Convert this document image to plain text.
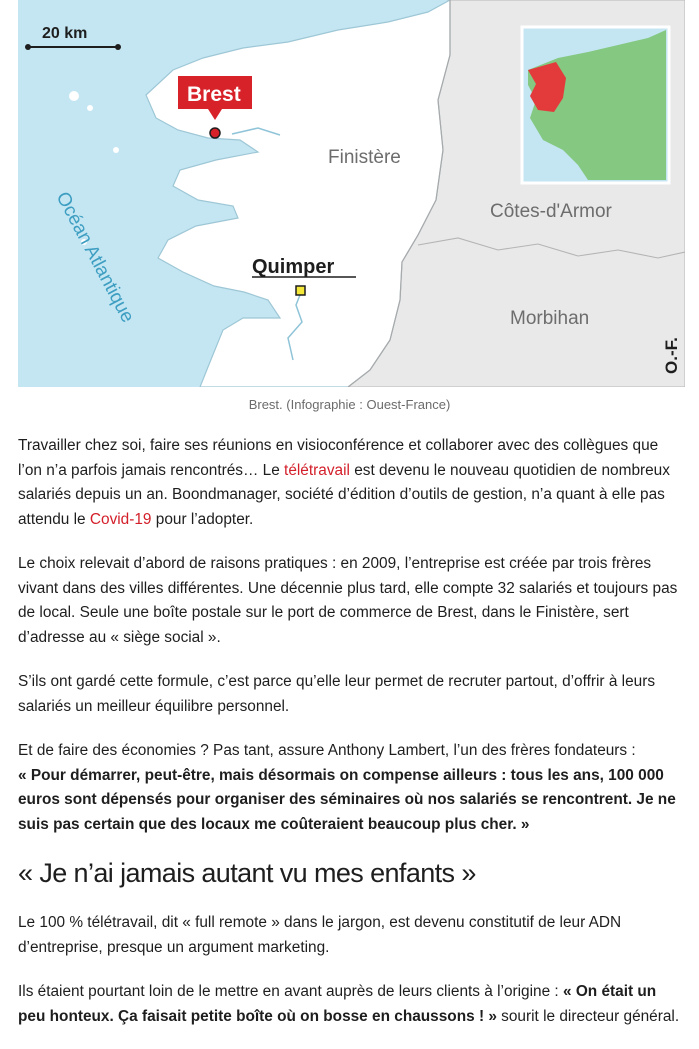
20 km
Brest
Finistère
Quimper
Côtes-d'Armor
Morbihan
Océan Atlantique
O.-F.
Brest. (Infographie : Ouest-France)

Travailler chez soi, faire ses réunions en visioconférence et collaborer avec des collègues que l’on n’a parfois jamais rencontrés… Le télétravail est devenu le nouveau quotidien de nombreux salariés depuis un an. Boondmanager, société d’édition d’outils de gestion, n’a quant à elle pas attendu le Covid-19 pour l’adopter.

Le choix relevait d’abord de raisons pratiques : en 2009, l’entreprise est créée par trois frères vivant dans des villes différentes. Une décennie plus tard, elle compte 32 salariés et toujours pas de local. Seule une boîte postale sur le port de commerce de Brest, dans le Finistère, sert d’adresse au « siège social ».

S’ils ont gardé cette formule, c’est parce qu’elle leur permet de recruter partout, d’offrir à leurs salariés un meilleur équilibre personnel.

Et de faire des économies ? Pas tant, assure Anthony Lambert, l’un des frères fondateurs :
« Pour démarrer, peut-être, mais désormais on compense ailleurs : tous les ans, 100 000 euros sont dépensés pour organiser des séminaires où nos salariés se rencontrent. Je ne suis pas certain que des locaux me coûteraient beaucoup plus cher. »

« Je n’ai jamais autant vu mes enfants »

Le 100 % télétravail, dit « full remote » dans le jargon, est devenu constitutif de leur ADN d’entreprise, presque un argument marketing.

Ils étaient pourtant loin de le mettre en avant auprès de leurs clients à l’origine : « On était un peu honteux. Ça faisait petite boîte où on bosse en chaussons ! » sourit le directeur général.
